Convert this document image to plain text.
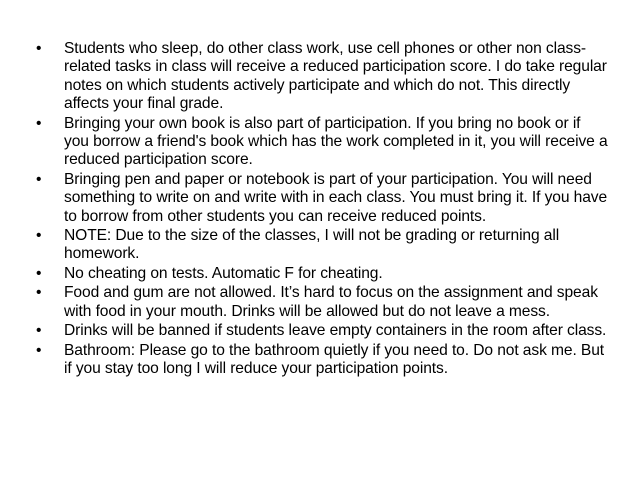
• Students who sleep, do other class work, use cell phones or other non class-related tasks in class will receive a reduced participation score. I do take regular notes on which students actively participate and which do not. This directly affects your final grade.
• Bringing your own book is also part of participation. If you bring no book or if you borrow a friend's book which has the work completed in it, you will receive a reduced participation score.
• Bringing pen and paper or notebook is part of your participation. You will need something to write on and write with in each class. You must bring it. If you have to borrow from other students you can receive reduced points.
• NOTE: Due to the size of the classes, I will not be grading or returning all homework.
• No cheating on tests. Automatic F for cheating.
• Food and gum are not allowed. It’s hard to focus on the assignment and speak with food in your mouth. Drinks will be allowed but do not leave a mess.
• Drinks will be banned if students leave empty containers in the room after class.
• Bathroom: Please go to the bathroom quietly if you need to. Do not ask me. But if you stay too long I will reduce your participation points.
